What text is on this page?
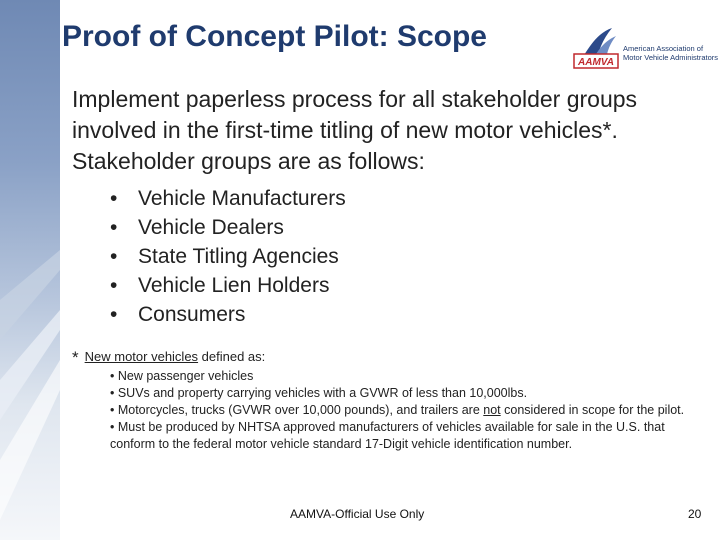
Proof of Concept Pilot: Scope
AAMVA
American Association of
Motor Vehicle Administrators
Implement paperless process for all stakeholder groups involved in the first-time titling of new motor vehicles*. Stakeholder groups are as follows:
• Vehicle Manufacturers
• Vehicle Dealers
• State Titling Agencies
• Vehicle Lien Holders
• Consumers
* New motor vehicles defined as:

• New passenger vehicles

• SUVs and property carrying vehicles with a GVWR of less than 10,000lbs.

• Motorcycles, trucks (GVWR over 10,000 pounds), and trailers are not considered in scope for the pilot.

• Must be produced by NHTSA approved manufacturers of vehicles available for sale in the U.S. that conform to the federal motor vehicle standard 17-Digit vehicle identification number.

AAMVA-Official Use Only	20
